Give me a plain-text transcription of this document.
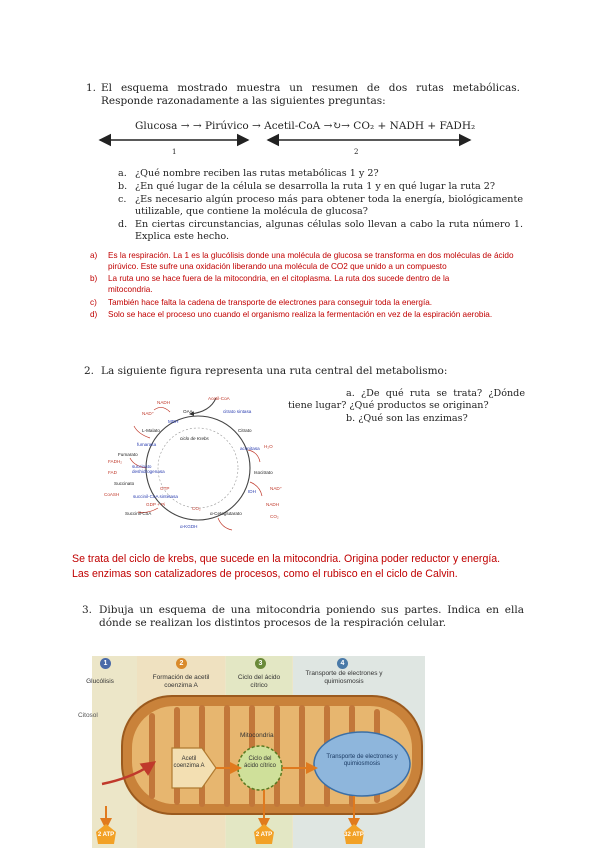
1. El esquema mostrado muestra un resumen de dos rutas metabólicas. Responde razonadamente a las siguientes preguntas:
Glucosa → → Pirúvico → Acetil-CoA →↻→ CO₂ + NADH + FADH₂
1	2
a. ¿Qué nombre reciben las rutas metabólicas 1 y 2?
b. ¿En qué lugar de la célula se desarrolla la ruta 1 y en qué lugar la ruta 2?
c. ¿Es necesario algún proceso más para obtener toda la energía, biológicamente utilizable, que contiene la molécula de glucosa?
d. En ciertas circunstancias, algunas células solo llevan a cabo la ruta número 1. Explica este hecho.
a) Es la respiración. La 1 es la glucólisis donde una molécula de glucosa se transforma en dos moléculas de ácido pirúvico. Este sufre una oxidación liberando una molécula de CO2 que unido a un compuesto
b) La ruta uno se hace fuera de la mitocondria, en el citoplasma. La ruta dos sucede dentro de la mitocondria.
c) También hace falta la cadena de transporte de electrones para conseguir toda la energía.
d) Solo se hace el proceso uno cuando el organismo realiza la fermentación en vez de la espiración aerobia.
2. La siguiente figura representa una ruta central del metabolismo:
a. ¿De qué ruta se trata? ¿Dónde tiene lugar? ¿Qué productos se originan?
b. ¿Qué son las enzimas?
NADH
Acetil-CoA
OAA	citrato sintasa
NAD⁺
MDH
L-Malato	Citrato
ciclo de Krebs
fumarasa	H₂O
aconitasa
Fumarato
FADH₂
succinato deshidrogenasa
FAD	Isocitrato
Succinato
IDH
NAD⁺
CoASH	succinil-CoA sintetasa
GTP
GDP + Pi	NADH
CO₂
Succinil-CoA	α-Cetoglutarato
CO₂
α-KGDH
Se trata del ciclo de krebs, que sucede en la mitocondria. Origina poder reductor y energía.
Las enzimas son catalizadores de procesos, como el rubisco en el ciclo de Calvin.
3. Dibuja un esquema de una mitocondria poniendo sus partes. Indica en ella dónde se realizan los distintos procesos de la respiración celular.
1	2	3	4
Glucólisis
Formación de acetil coenzima A
Ciclo del ácido cítrico
Transporte de electrones y quimiosmosis
Citosol
Mitocondria
Acetil coenzima A
Ciclo del ácido cítrico
Transporte de electrones y quimiosmosis
2 ATP	2 ATP	32 ATP
